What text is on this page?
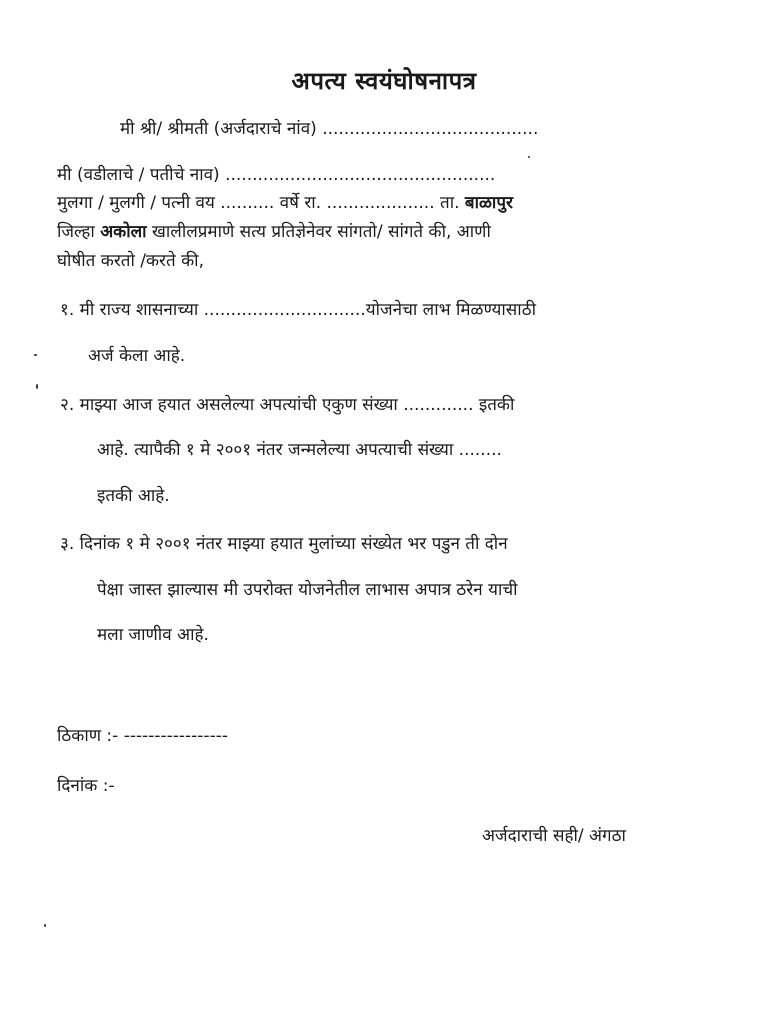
अपत्य स्वयंघोषनापत्र
मी श्री/ श्रीमती (अर्जदाराचे नांव) ........................................
मी (वडीलाचे / पतीचे नाव) ..................................................
मुलगा / मुलगी / पत्नी वय .......... वर्षे रा. .................... ता. बाळापुर
जिल्हा अकोला खालीलप्रमाणे सत्य प्रतिज्ञेनेवर सांगतो/ सांगते की, आणी
घोषीत करतो /करते की,
१. मी राज्य शासनाच्या ..............................योजनेचा लाभ मिळण्यासाठी
अर्ज केला आहे.
२. माझ्या आज हयात असलेल्या अपत्यांची एकुण संख्या ............. इतकी
आहे. त्यापैकी १ मे २००१ नंतर जन्मलेल्या अपत्याची संख्या ........
इतकी आहे.
३. दिनांक १ मे २००१ नंतर माझ्या हयात मुलांच्या संख्येत भर पडुन ती दोन
पेक्षा जास्त झाल्यास मी उपरोक्त योजनेतील लाभास अपात्र ठरेन याची
मला जाणीव आहे.
ठिकाण :- -----------------
दिनांक :-
अर्जदाराची सही/ अंगठा
